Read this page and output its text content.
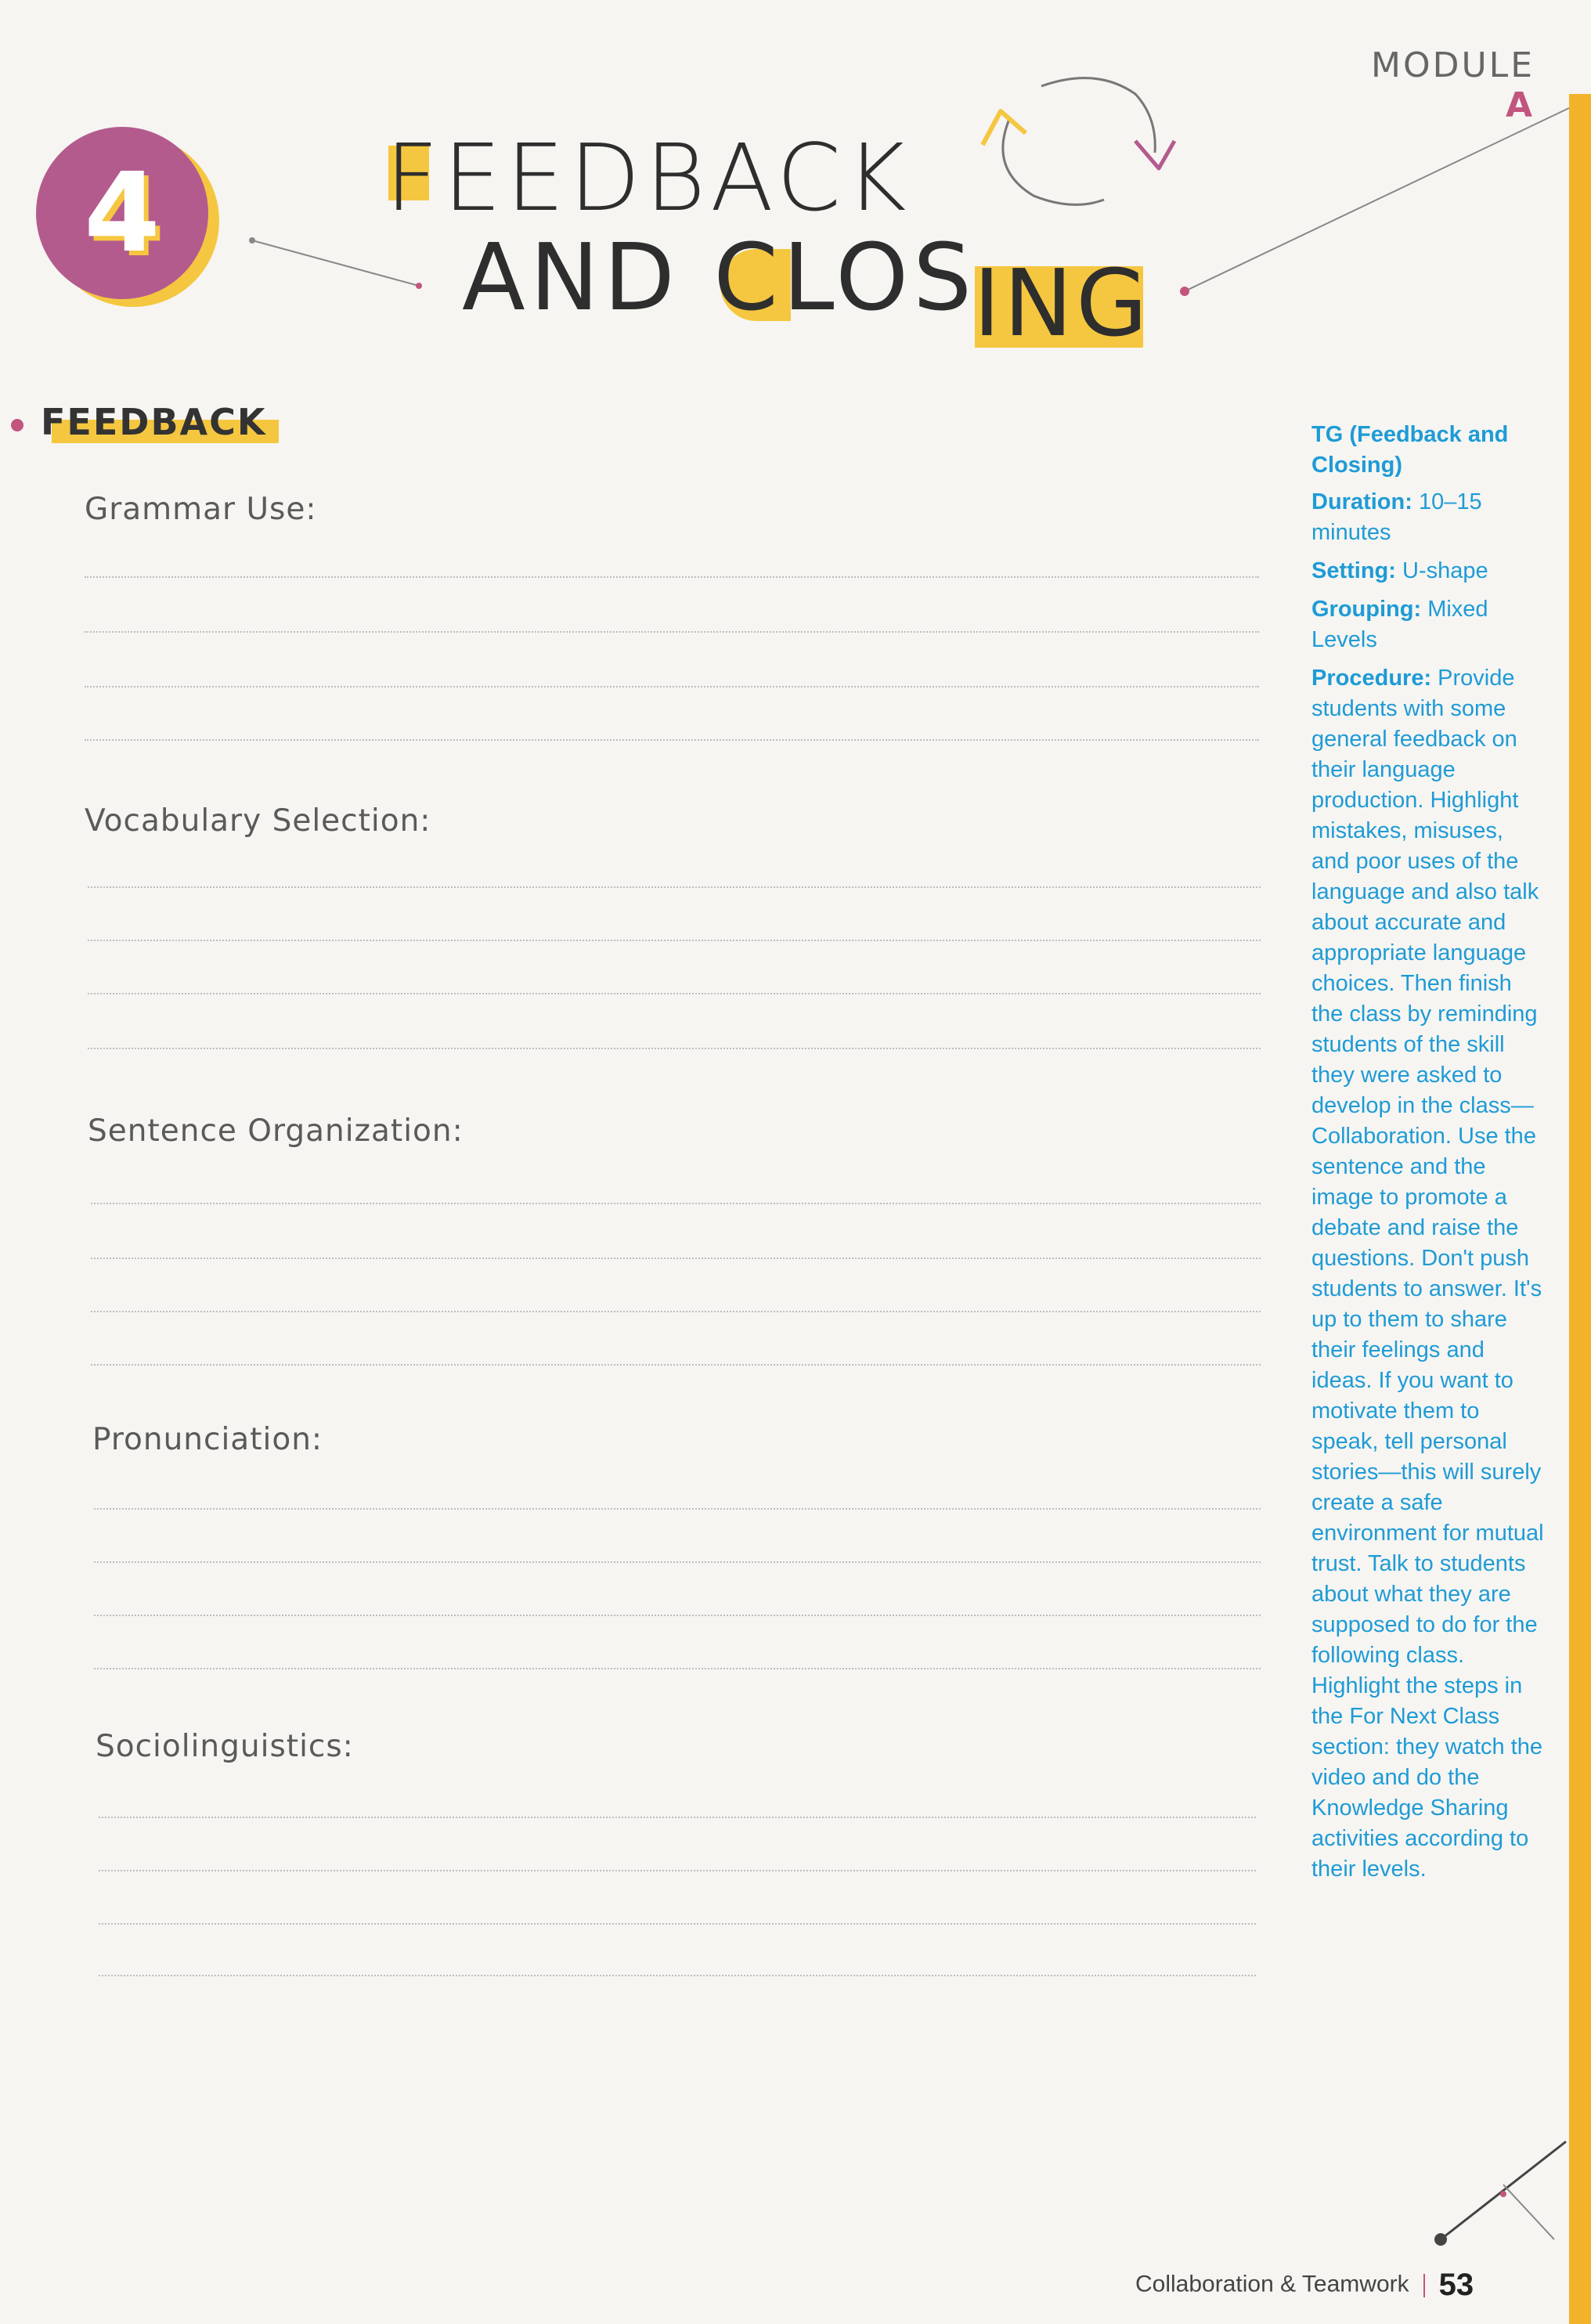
MODULE A
4 FEEDBACK
AND CLOS
ING
FEEDBACK
Grammar Use:
Vocabulary Selection:
Sentence Organization:
Pronunciation:
Sociolinguistics:
TG (Feedback and Closing)
Duration: 10–15 minutes
Setting: U-shape
Grouping: Mixed Levels
Procedure: Provide students with some general feedback on their language production. Highlight mistakes, misuses, and poor uses of the language and also talk about accurate and appropriate language choices. Then finish the class by reminding students of the skill they were asked to develop in the class—Collaboration. Use the sentence and the image to promote a debate and raise the questions. Don't push students to answer. It's up to them to share their feelings and ideas. If you want to motivate them to speak, tell personal stories—this will surely create a safe environment for mutual trust. Talk to students about what they are supposed to do for the following class. Highlight the steps in the For Next Class section: they watch the video and do the Knowledge Sharing activities according to their levels.
Collaboration & Teamwork 53
